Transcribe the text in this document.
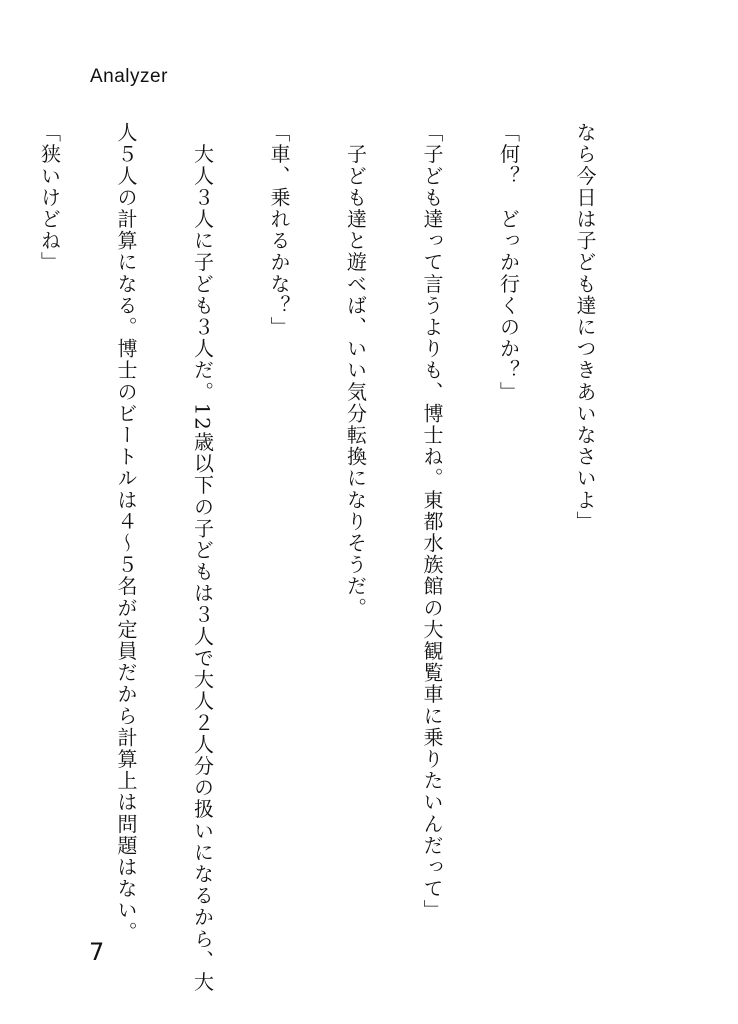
Analyzer

なら今日は子ども達につきあいなさいよ」

「何？　どっか行くのか？」

「子ども達って言うよりも、博士ね。東都水族館の大観覧車に乗りたいんだって」

　子ども達と遊べば、いい気分転換になりそうだ。

「車、乗れるかな？」

　大人３人に子ども３人だ。12歳以下の子どもは３人で大人２人分の扱いになるから、大

人５人の計算になる。博士のビートルは４～５名が定員だから計算上は問題はない。

「狭いけどね」

7
